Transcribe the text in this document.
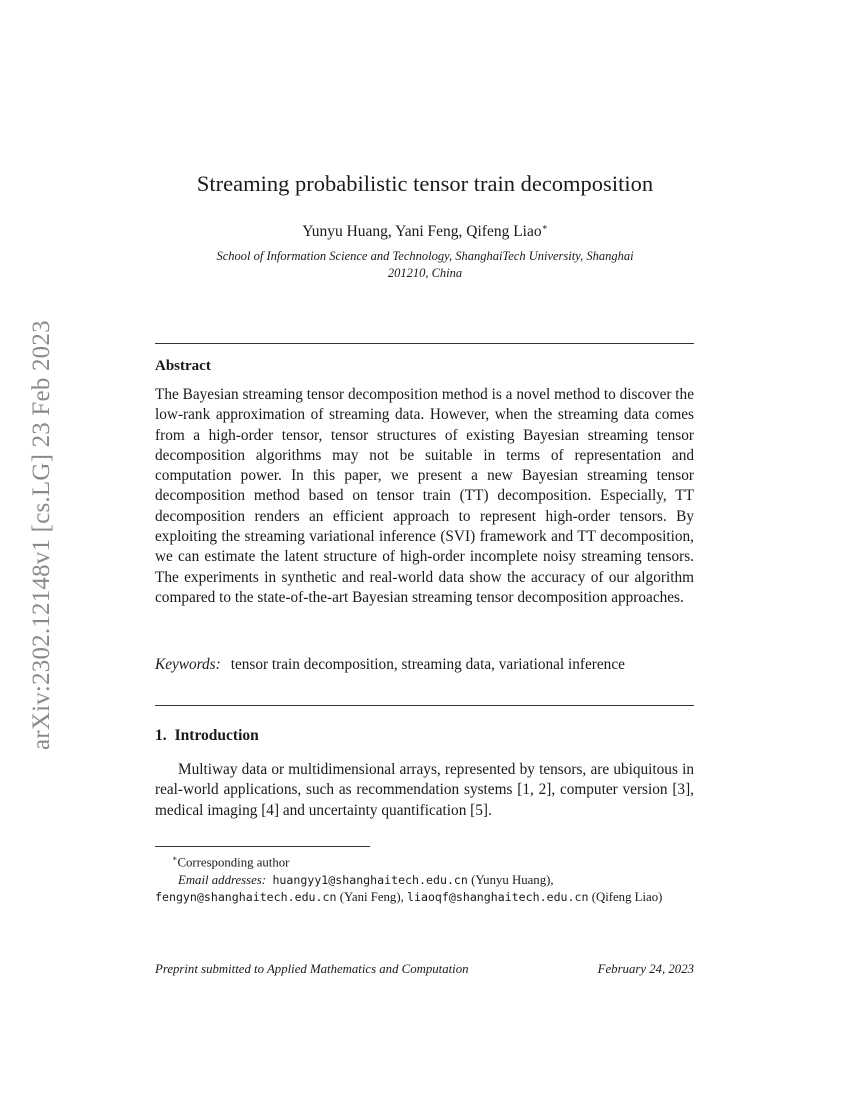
arXiv:2302.12148v1 [cs.LG] 23 Feb 2023
Streaming probabilistic tensor train decomposition
Yunyu Huang, Yani Feng, Qifeng Liao∗
School of Information Science and Technology, ShanghaiTech University, Shanghai
201210, China
Abstract
The Bayesian streaming tensor decomposition method is a novel method to discover the low-rank approximation of streaming data. However, when the streaming data comes from a high-order tensor, tensor structures of existing Bayesian streaming tensor decomposition algorithms may not be suitable in terms of representation and computation power. In this paper, we present a new Bayesian streaming tensor decomposition method based on tensor train (TT) decomposition. Especially, TT decomposition renders an efficient approach to represent high-order tensors. By exploiting the streaming variational inference (SVI) framework and TT decomposition, we can estimate the latent structure of high-order incomplete noisy streaming tensors. The experiments in synthetic and real-world data show the accuracy of our algorithm compared to the state-of-the-art Bayesian streaming tensor decomposition approaches.
Keywords: tensor train decomposition, streaming data, variational inference
1. Introduction
Multiway data or multidimensional arrays, represented by tensors, are ubiquitous in real-world applications, such as recommendation systems [1, 2], computer version [3], medical imaging [4] and uncertainty quantification [5].
∗Corresponding author
Email addresses:  huangyy1@shanghaitech.edu.cn (Yunyu Huang), fengyn@shanghaitech.edu.cn (Yani Feng), liaoqf@shanghaitech.edu.cn (Qifeng Liao)
Preprint submitted to Applied Mathematics and Computation	February 24, 2023
